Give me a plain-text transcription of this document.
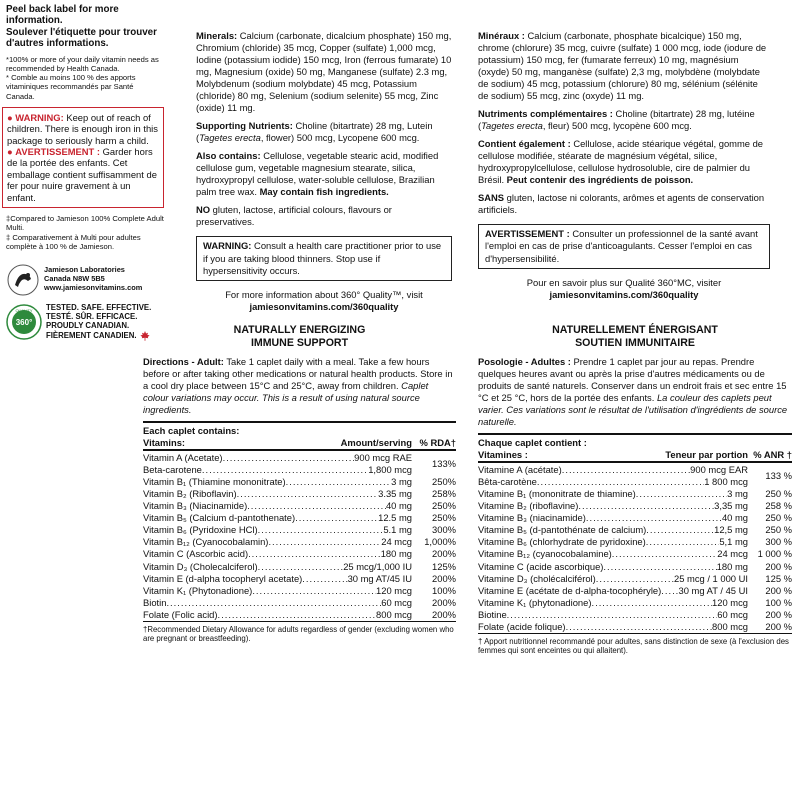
Peel back label for more information.
Soulever l'étiquette pour trouver d'autres informations.
*100% or more of your daily vitamin needs as recommended by Health Canada.
* Comble au moins 100 % des apports vitaminiques recommandés par Santé Canada.
● WARNING: Keep out of reach of children. There is enough iron in this package to seriously harm a child.
● AVERTISSEMENT : Garder hors de la portée des enfants. Cet emballage contient suffisamment de fer pour nuire gravement à un enfant.
‡Compared to Jamieson 100% Complete Adult Multi.
‡ Comparativement à Multi pour adultes complète à 100 % de Jamieson.
Jamieson Laboratories
Canada N8W 5B5
www.jamiesonvitamins.com
360°
QUALITY TESTED. SAFE. EFFECTIVE.
TESTÉ. SÛR. EFFICACE.
PROUDLY CANADIAN.
FIÈREMENT CANADIEN.
Minerals: Calcium (carbonate, dicalcium phosphate) 150 mg, Chromium (chloride) 35 mcg, Copper (sulfate) 1,000 mcg, Iodine (potassium iodide) 150 mcg, Iron (ferrous fumarate) 10 mg, Magnesium (oxide) 50 mg, Manganese (sulfate) 2.3 mg, Molybdenum (sodium molybdate) 45 mcg, Potassium (chloride) 80 mg, Selenium (sodium selenite) 55 mcg, Zinc (oxide) 11 mg.
Supporting Nutrients: Choline (bitartrate) 28 mg, Lutein (Tagetes erecta, flower) 500 mcg, Lycopene 600 mcg.
Also contains: Cellulose, vegetable stearic acid, modified cellulose gum, vegetable magnesium stearate, silica, hydroxypropyl cellulose, water-soluble cellulose, Brazilian palm tree wax. May contain fish ingredients.
NO gluten, lactose, artificial colours, flavours or preservatives.
WARNING: Consult a health care practitioner prior to use if you are taking blood thinners. Stop use if hypersensitivity occurs.
For more information about 360° Quality™, visit
jamiesonvitamins.com/360quality
Minéraux : Calcium (carbonate, phosphate bicalcique) 150 mg, chrome (chlorure) 35 mcg, cuivre (sulfate) 1 000 mcg, iode (iodure de potassium) 150 mcg, fer (fumarate ferreux) 10 mg, magnésium (oxyde) 50 mg, manganèse (sulfate) 2,3 mg, molybdène (molybdate de sodium) 45 mcg, potassium (chlorure) 80 mg, sélénium (sélénite de sodium) 55 mcg, zinc (oxyde) 11 mg.
Nutriments complémentaires : Choline (bitartrate) 28 mg, lutéine (Tagetes erecta, fleur) 500 mcg, lycopène 600 mcg.
Contient également : Cellulose, acide stéarique végétal, gomme de cellulose modifiée, stéarate de magnésium végétal, silice, hydroxypropylcellulose, cellulose hydrosoluble, cire de palmier du Brésil. Peut contenir des ingrédients de poisson.
SANS gluten, lactose ni colorants, arômes et agents de conservation artificiels.
AVERTISSEMENT : Consulter un professionnel de la santé avant l'emploi en cas de prise d'anticoagulants. Cesser l'emploi en cas d'hypersensibilité.
Pour en savoir plus sur Qualité 360°MC, visiter
jamiesonvitamins.com/360quality
NATURALLY ENERGIZING
IMMUNE SUPPORT
Directions - Adult: Take 1 caplet daily with a meal. Take a few hours before or after taking other medications or natural health products. Store in a cool dry place between 15°C and 25°C, away from children. Caplet colour variations may occur. This is a result of using natural source ingredients.
Each caplet contains:
Vitamins:	Amount/serving % RDA†
Vitamin A (Acetate) .....	900 mcg RAE
Beta-carotene .....	1,800 mcg
133%
Vitamin B₁ (Thiamine mononitrate) .....	3 mg	250%
Vitamin B₂ (Riboflavin) .....	3.35 mg	258%
Vitamin B₃ (Niacinamide) .....	40 mg	250%
Vitamin B₅ (Calcium d-pantothenate) .....	12.5 mg	250%
Vitamin B₆ (Pyridoxine HCl) .....	5.1 mg	300%
Vitamin B₁₂ (Cyanocobalamin) .....	24 mcg	1,000%
Vitamin C (Ascorbic acid) .....	180 mg	200%
Vitamin D₃ (Cholecalciferol) .....	25 mcg/1,000 IU	125%
Vitamin E (d-alpha tocopheryl acetate) .....	30 mg AT/45 IU	200%
Vitamin K₁ (Phytonadione) .....	120 mcg	100%
Biotin .....	60 mcg	200%
Folate (Folic acid) .....	800 mcg	200%
†Recommended Dietary Allowance for adults regardless of gender (excluding women who are pregnant or breastfeeding).
NATURELLEMENT ÉNERGISANT
SOUTIEN IMMUNITAIRE
Posologie - Adultes : Prendre 1 caplet par jour au repas. Prendre quelques heures avant ou après la prise d'autres médicaments ou de produits de santé naturels. Conserver dans un endroit frais et sec entre 15 °C et 25 °C, hors de la portée des enfants. La couleur des caplets peut varier. Ces variations sont le résultat de l'utilisation d'ingrédients de source naturelle.
Chaque caplet contient :
Vitamines :	Teneur par portion % ANR †
Vitamine A (acétate) .....	900 mcg EAR
Bêta-carotène .....	1 800 mcg
133 %
Vitamine B₁ (mononitrate de thiamine) .....	3 mg	250 %
Vitamine B₂ (riboflavine) .....	3,35 mg	258 %
Vitamine B₃ (niacinamide) .....	40 mg	250 %
Vitamine B₅ (d-pantothénate de calcium) .....	12,5 mg	250 %
Vitamine B₆ (chlorhydrate de pyridoxine) .....	5,1 mg	300 %
Vitamine B₁₂ (cyanocobalamine) .....	24 mcg	1 000 %
Vitamine C (acide ascorbique) .....	180 mg	200 %
Vitamine D₃ (cholécalciférol) .....	25 mcg / 1 000 UI	125 %
Vitamine E (acétate de d-alpha-tocophéryle) ..... 30 mg AT / 45 UI	200 %
Vitamine K₁ (phytonadione) .....	120 mcg	100 %
Biotine .....	60 mcg	200 %
Folate (acide folique) .....	800 mcg	200 %
† Apport nutritionnel recommandé pour adultes, sans distinction de sexe (à l'exclusion des femmes qui sont enceintes ou qui allaitent).
